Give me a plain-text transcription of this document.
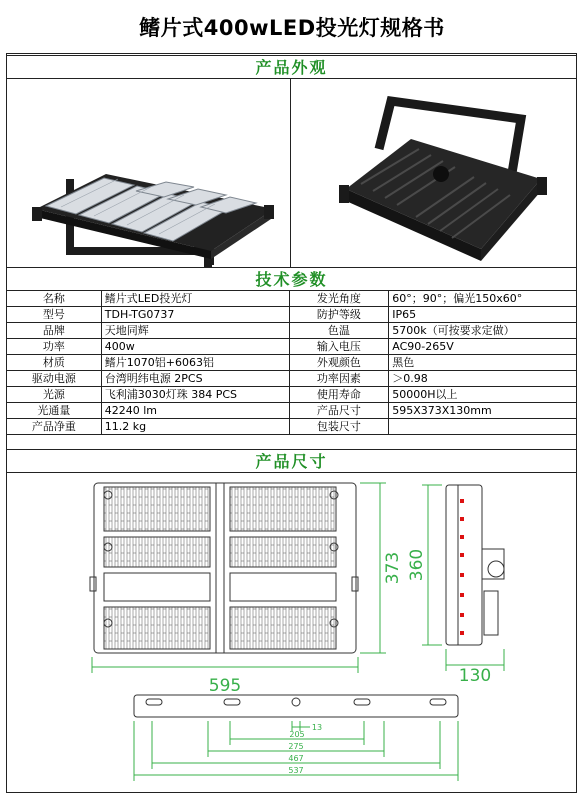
鳍片式400wLED投光灯规格书
产品外观
技术参数
名称	鳍片式LED投光灯	发光角度	60°；90°；偏光150x60°
型号	TDH-TG0737	防护等级	IP65
品牌	天地同辉	色温	5700k（可按要求定做）
功率	400w	输入电压	AC90-265V
材质	鳍片1070铝+6063铝	外观颜色	黑色
驱动电源	台湾明纬电源 2PCS	功率因素	＞0.98
光源	飞利浦3030灯珠 384 PCS	使用寿命	50000H以上
光通量	42240 lm	产品尺寸	595X373X130mm
产品净重	11.2 kg	包装尺寸	
产品尺寸
595
373 360
130
13
205
275
467
537
